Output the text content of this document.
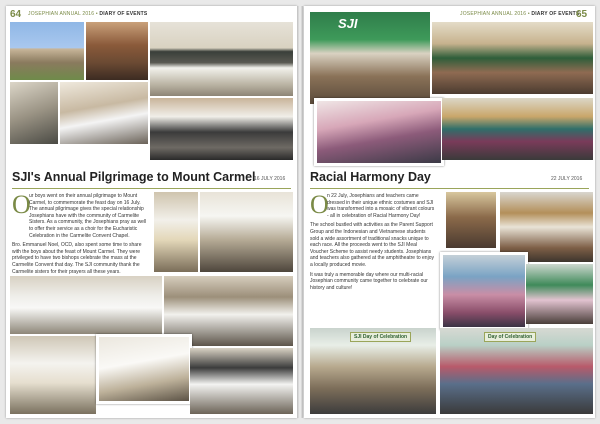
64 JOSEPHIAN ANNUAL 2016 • DIARY OF EVENTS
SJI's Annual Pilgrimage to Mount Carmel
16 JULY 2016
O

ur boys went on their annual pilgrimage to Mount Carmel, to commemorate the feast day on 16 July. The annual pilgrimage gives the special relationship Josephians have with the community of Carmelite Sisters. As a community, the Josephians pray as well to offer their service as a choir for the Eucharistic Celebration in the Carmelite Convent Chapel.

Bro. Emmanuel Noel, OCD, also spent some time to share with the boys about the feast of Mount Carmel. They were privileged to have two bishops celebrate the mass at the Carmelite Convent that day. The SJI community thank the Carmelite sisters for their prayers all these years.

JOSEPHIAN ANNUAL 2016 • DIARY OF EVENTS
65
SJI
Racial Harmony Day	22 JULY 2016
O

n 22 July, Josephians and teachers came dressed in their unique ethnic costumes and SJI was transformed into a mosaic of vibrant colours - all in celebration of Racial Harmony Day!

The school bustled with activities as the Parent Support Group and the Indonesian and Vietnamese students sold a wide assortment of traditional snacks unique to each race. All the proceeds went to the SJI Meal Voucher Scheme to assist needy students. Josephians and teachers also gathered at the amphitheatre to enjoy a locally produced movie.

It was truly a memorable day where our multi-racial Josephian community came together to celebrate our history and culture!

SJI Day of Celebration	Day of Celebration
